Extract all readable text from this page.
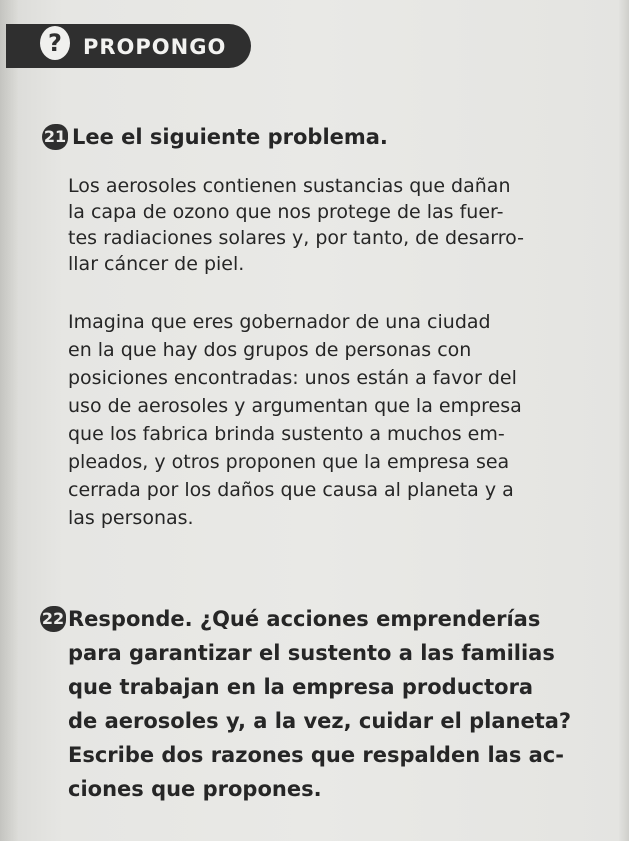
?	PROPONGO
21 Lee el siguiente problema.
Los aerosoles contienen sustancias que dañan
la capa de ozono que nos protege de las fuer-
tes radiaciones solares y, por tanto, de desarro-
llar cáncer de piel.
Imagina que eres gobernador de una ciudad
en la que hay dos grupos de personas con
posiciones encontradas: unos están a favor del
uso de aerosoles y argumentan que la empresa
que los fabrica brinda sustento a muchos em-
pleados, y otros proponen que la empresa sea
cerrada por los daños que causa al planeta y a
las personas.
22 Responde. ¿Qué acciones emprenderías
para garantizar el sustento a las familias
que trabajan en la empresa productora
de aerosoles y, a la vez, cuidar el planeta?
Escribe dos razones que respalden las ac-
ciones que propones.
